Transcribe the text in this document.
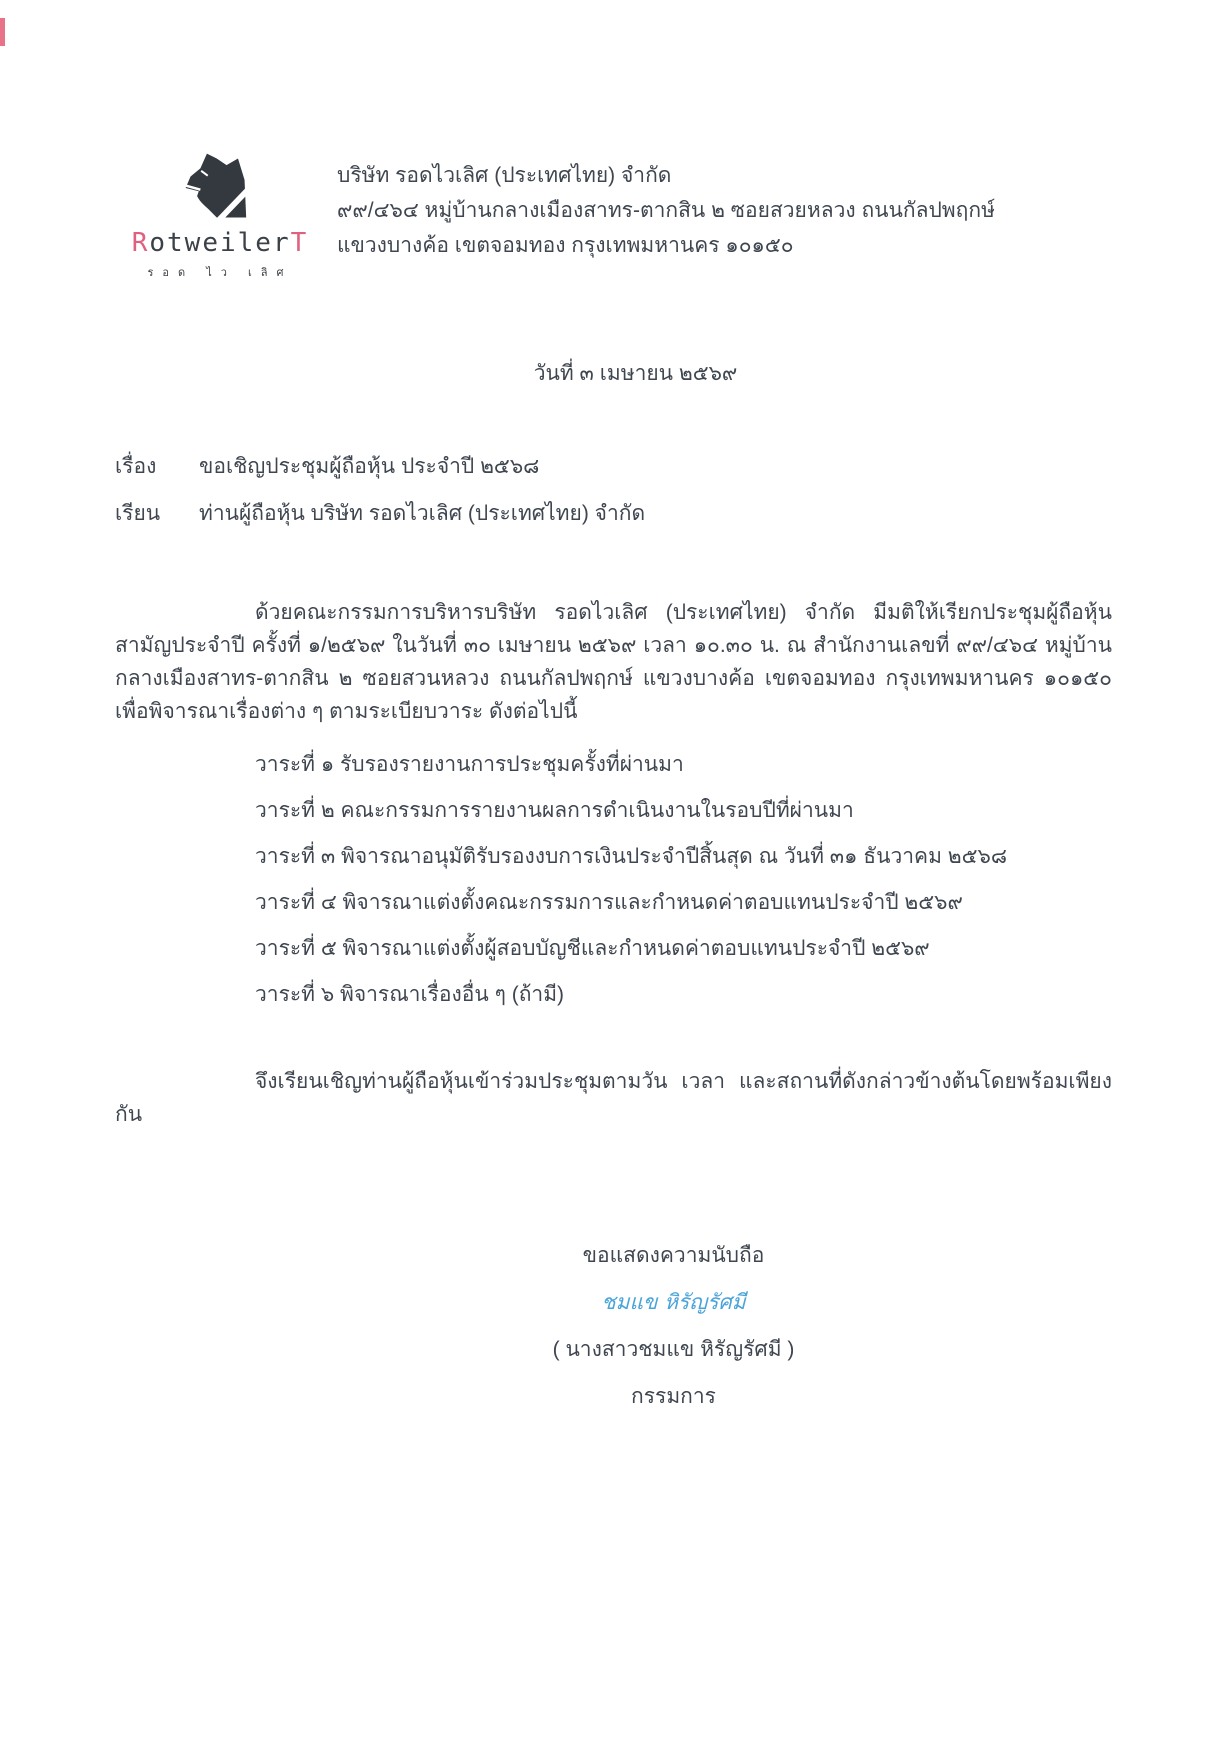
RotweilerT
รอด ไว เลิศ
บริษัท รอดไวเลิศ (ประเทศไทย) จำกัด
๙๙/๔๖๔ หมู่บ้านกลางเมืองสาทร-ตากสิน ๒ ซอยสวยหลวง ถนนกัลปพฤกษ์
แขวงบางค้อ เขตจอมทอง กรุงเทพมหานคร ๑๐๑๕๐
วันที่ ๓ เมษายน ๒๕๖๙
เรื่อง	ขอเชิญประชุมผู้ถือหุ้น ประจำปี ๒๕๖๘
เรียน	ท่านผู้ถือหุ้น บริษัท รอดไวเลิศ (ประเทศไทย) จำกัด
ด้วยคณะกรรมการบริหารบริษัท รอดไวเลิศ (ประเทศไทย) จำกัด มีมติให้เรียกประชุมผู้ถือหุ้นสามัญประจำปี ครั้งที่ ๑/๒๕๖๙ ในวันที่ ๓๐ เมษายน ๒๕๖๙ เวลา ๑๐.๓๐ น. ณ สำนักงานเลขที่ ๙๙/๔๖๔ หมู่บ้านกลางเมืองสาทร-ตากสิน ๒ ซอยสวนหลวง ถนนกัลปพฤกษ์ แขวงบางค้อ เขตจอมทอง กรุงเทพมหานคร ๑๐๑๕๐ เพื่อพิจารณาเรื่องต่าง ๆ ตามระเบียบวาระ ดังต่อไปนี้
วาระที่ ๑ รับรองรายงานการประชุมครั้งที่ผ่านมา
วาระที่ ๒ คณะกรรมการรายงานผลการดำเนินงานในรอบปีที่ผ่านมา
วาระที่ ๓ พิจารณาอนุมัติรับรองงบการเงินประจำปีสิ้นสุด ณ วันที่ ๓๑ ธันวาคม ๒๕๖๘
วาระที่ ๔ พิจารณาแต่งตั้งคณะกรรมการและกำหนดค่าตอบแทนประจำปี ๒๕๖๙
วาระที่ ๕ พิจารณาแต่งตั้งผู้สอบบัญชีและกำหนดค่าตอบแทนประจำปี ๒๕๖๙
วาระที่ ๖ พิจารณาเรื่องอื่น ๆ (ถ้ามี)
จึงเรียนเชิญท่านผู้ถือหุ้นเข้าร่วมประชุมตามวัน เวลา และสถานที่ดังกล่าวข้างต้นโดยพร้อมเพียงกัน
ขอแสดงความนับถือ
ชมแข หิรัญรัศมี
( นางสาวชมแข หิรัญรัศมี )
กรรมการ
